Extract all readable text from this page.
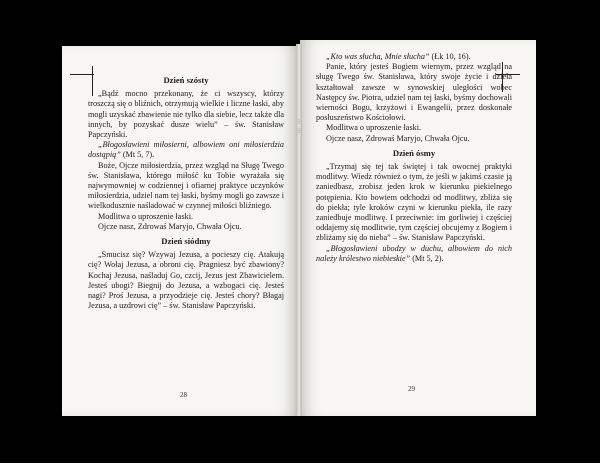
⁝
⁝
Dzień szósty

„Bądź mocno przekonany, że ci wszyscy, którzy troszczą się o bliźnich, otrzymują wielkie i liczne łaski, aby mogli uzyskać zbawienie nie tylko dla siebie, lecz także dla innych, by pozyskać dusze wielu” – św. Stanisław Papczyński.

„Błogosławieni miłosierni, albowiem oni miłosierdzia dostąpią” (Mt 5, 7).

Boże, Ojcze miłosierdzia, przez wzgląd na Sługę Twego św. Stanisława, którego miłość ku Tobie wyrażała się najwymowniej w codziennej i ofiarnej praktyce uczynków miłosierdzia, udziel nam tej łaski, byśmy mogli go zawsze i wielkodusznie naśladować w czynnej miłości bliźniego.

Modlitwa o uproszenie łaski.

Ojcze nasz, Zdrowaś Maryjo, Chwała Ojcu.

Dzień siódmy

„Smucisz się? Wzywaj Jezusa, a pocieszy cię. Atakują cię? Wołaj Jezusa, a obroni cię. Pragniesz być zbawiony? Kochaj Jezusa, naśladuj Go, czcij, Jezus jest Zbawicielem. Jesteś ubogi? Biegnij do Jezusa, a wzbogaci cię. Jesteś nagi? Proś Jezusa, a przyodzieje cię. Jesteś chory? Błagaj Jezusa, a uzdrowi cię” – św. Stanisław Papczyński.

„Kto was słucha, Mnie słucha” (Łk 10, 16).

Panie, który jesteś Bogiem wiernym, przez wzgląd na sługę Twego św. Stanisława, który swoje życie i dzieła kształtował zawsze w synowskiej uległości wobec Następcy św. Piotra, udziel nam tej łaski, byśmy dochowali wierności Bogu, krzyżowi i Ewangelii, przez doskonałe posłuszeństwo Kościołowi.

Modlitwa o uproszenie łaski.

Ojcze nasz, Zdrowaś Maryjo, Chwała Ojcu.

Dzień ósmy

„Trzymaj się tej tak świętej i tak owocnej praktyki modlitwy. Wiedz również o tym, że jeśli w jakimś czasie ją zaniedbasz, zrobisz jeden krok w kierunku piekielnego potępienia. Kto bowiem odchodzi od modlitwy, zbliża się do piekła; tyle kroków czyni w kierunku piekła, ile razy zaniedbuje modlitwę. I przeciwnie: im gorliwiej i częściej oddajemy się modlitwie, tym częściej obcujemy z Bogiem i zbliżamy się do nieba” – św. Stanisław Papczyński.

„Błogosławieni ubodzy w duchu, albowiem do nich należy królestwo niebieskie” (Mt 5, 2).

28
29
